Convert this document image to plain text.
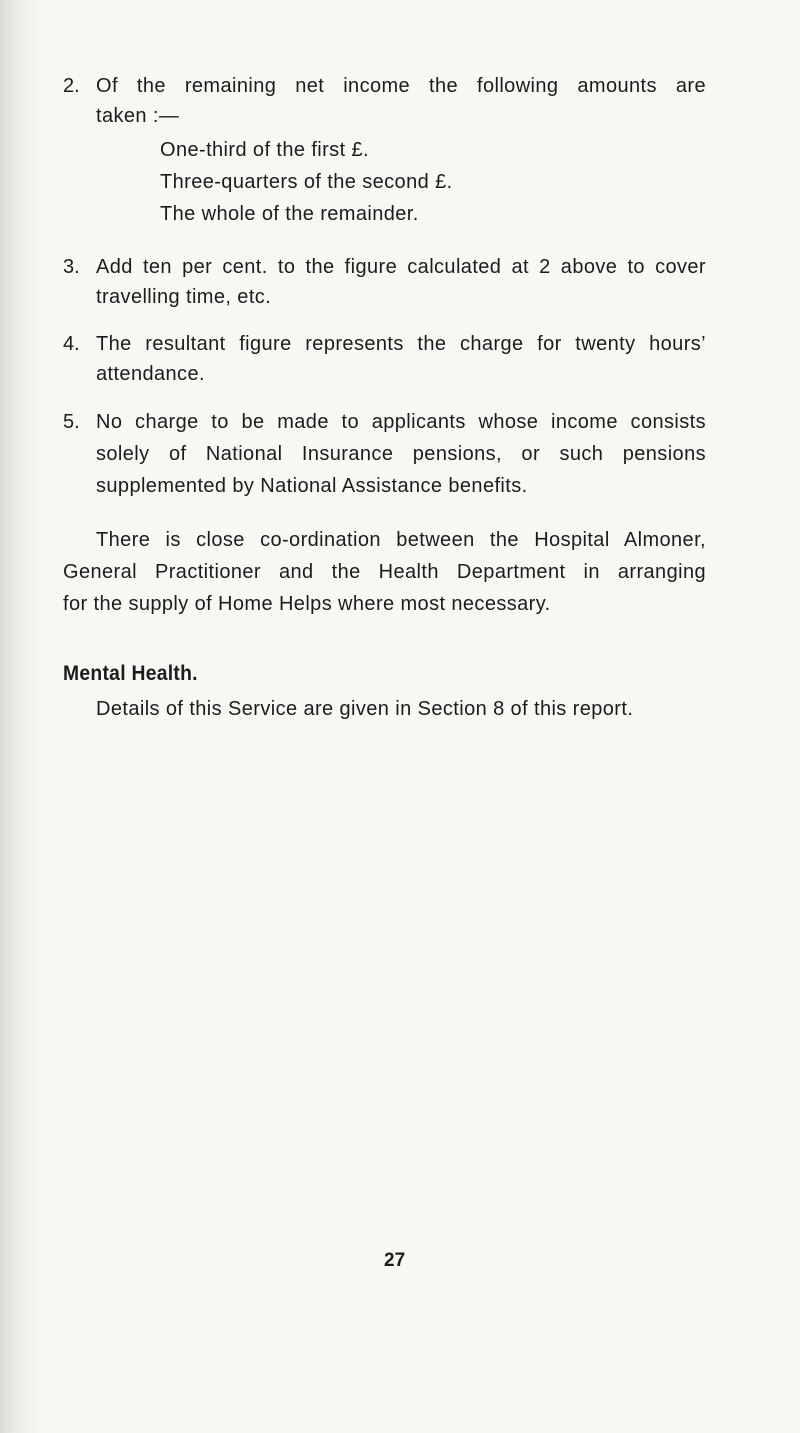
2. Of the remaining net income the following amounts are
taken :—
One-third of the first £.
Three-quarters of the second £.
The whole of the remainder.
3. Add ten per cent. to the figure calculated at 2 above to cover
travelling time, etc.
4. The resultant figure represents the charge for twenty hours’
attendance.
5. No charge to be made to applicants whose income consists
solely of National Insurance pensions, or such pensions
supplemented by National Assistance benefits.
There is close co-ordination between the Hospital Almoner,
General Practitioner and the Health Department in arranging
for the supply of Home Helps where most necessary.
Mental Health.
Details of this Service are given in Section 8 of this report.
27
